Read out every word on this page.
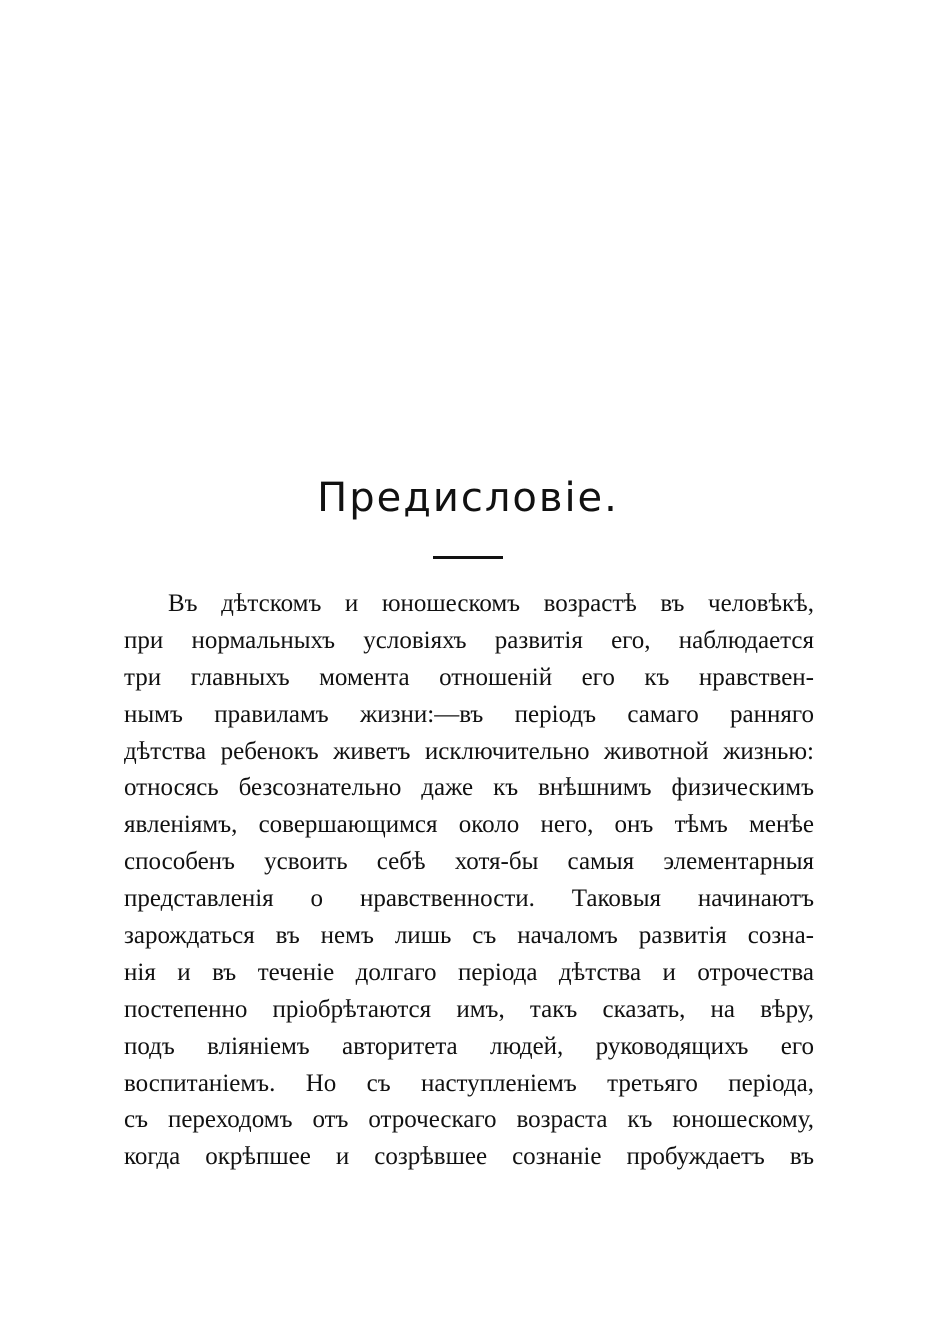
Предисловіе.
Въ дѣтскомъ и юношескомъ возрастѣ въ человѣкѣ,
при нормальныхъ условіяхъ развитія его, наблюдается
три главныхъ момента отношеній его къ нравствен-
нымъ правиламъ жизни:—въ періодъ самаго ранняго
дѣтства ребенокъ живетъ исключительно животной жизнью:
относясь безсознательно даже къ внѣшнимъ физическимъ
явленіямъ, совершающимся около него, онъ тѣмъ менѣе
способенъ усвоить себѣ хотя-бы самыя элементарныя
представленія о нравственности. Таковыя начинаютъ
зарождаться въ немъ лишь съ началомъ развитія созна-
нія и въ теченіе долгаго періода дѣтства и отрочества
постепенно пріобрѣтаются имъ, такъ сказать, на вѣру,
подъ вліяніемъ авторитета людей, руководящихъ его
воспитаніемъ. Но съ наступленіемъ третьяго періода,
съ переходомъ отъ отроческаго возраста къ юношескому,
когда окрѣпшее и созрѣвшее сознаніе пробуждаетъ въ
